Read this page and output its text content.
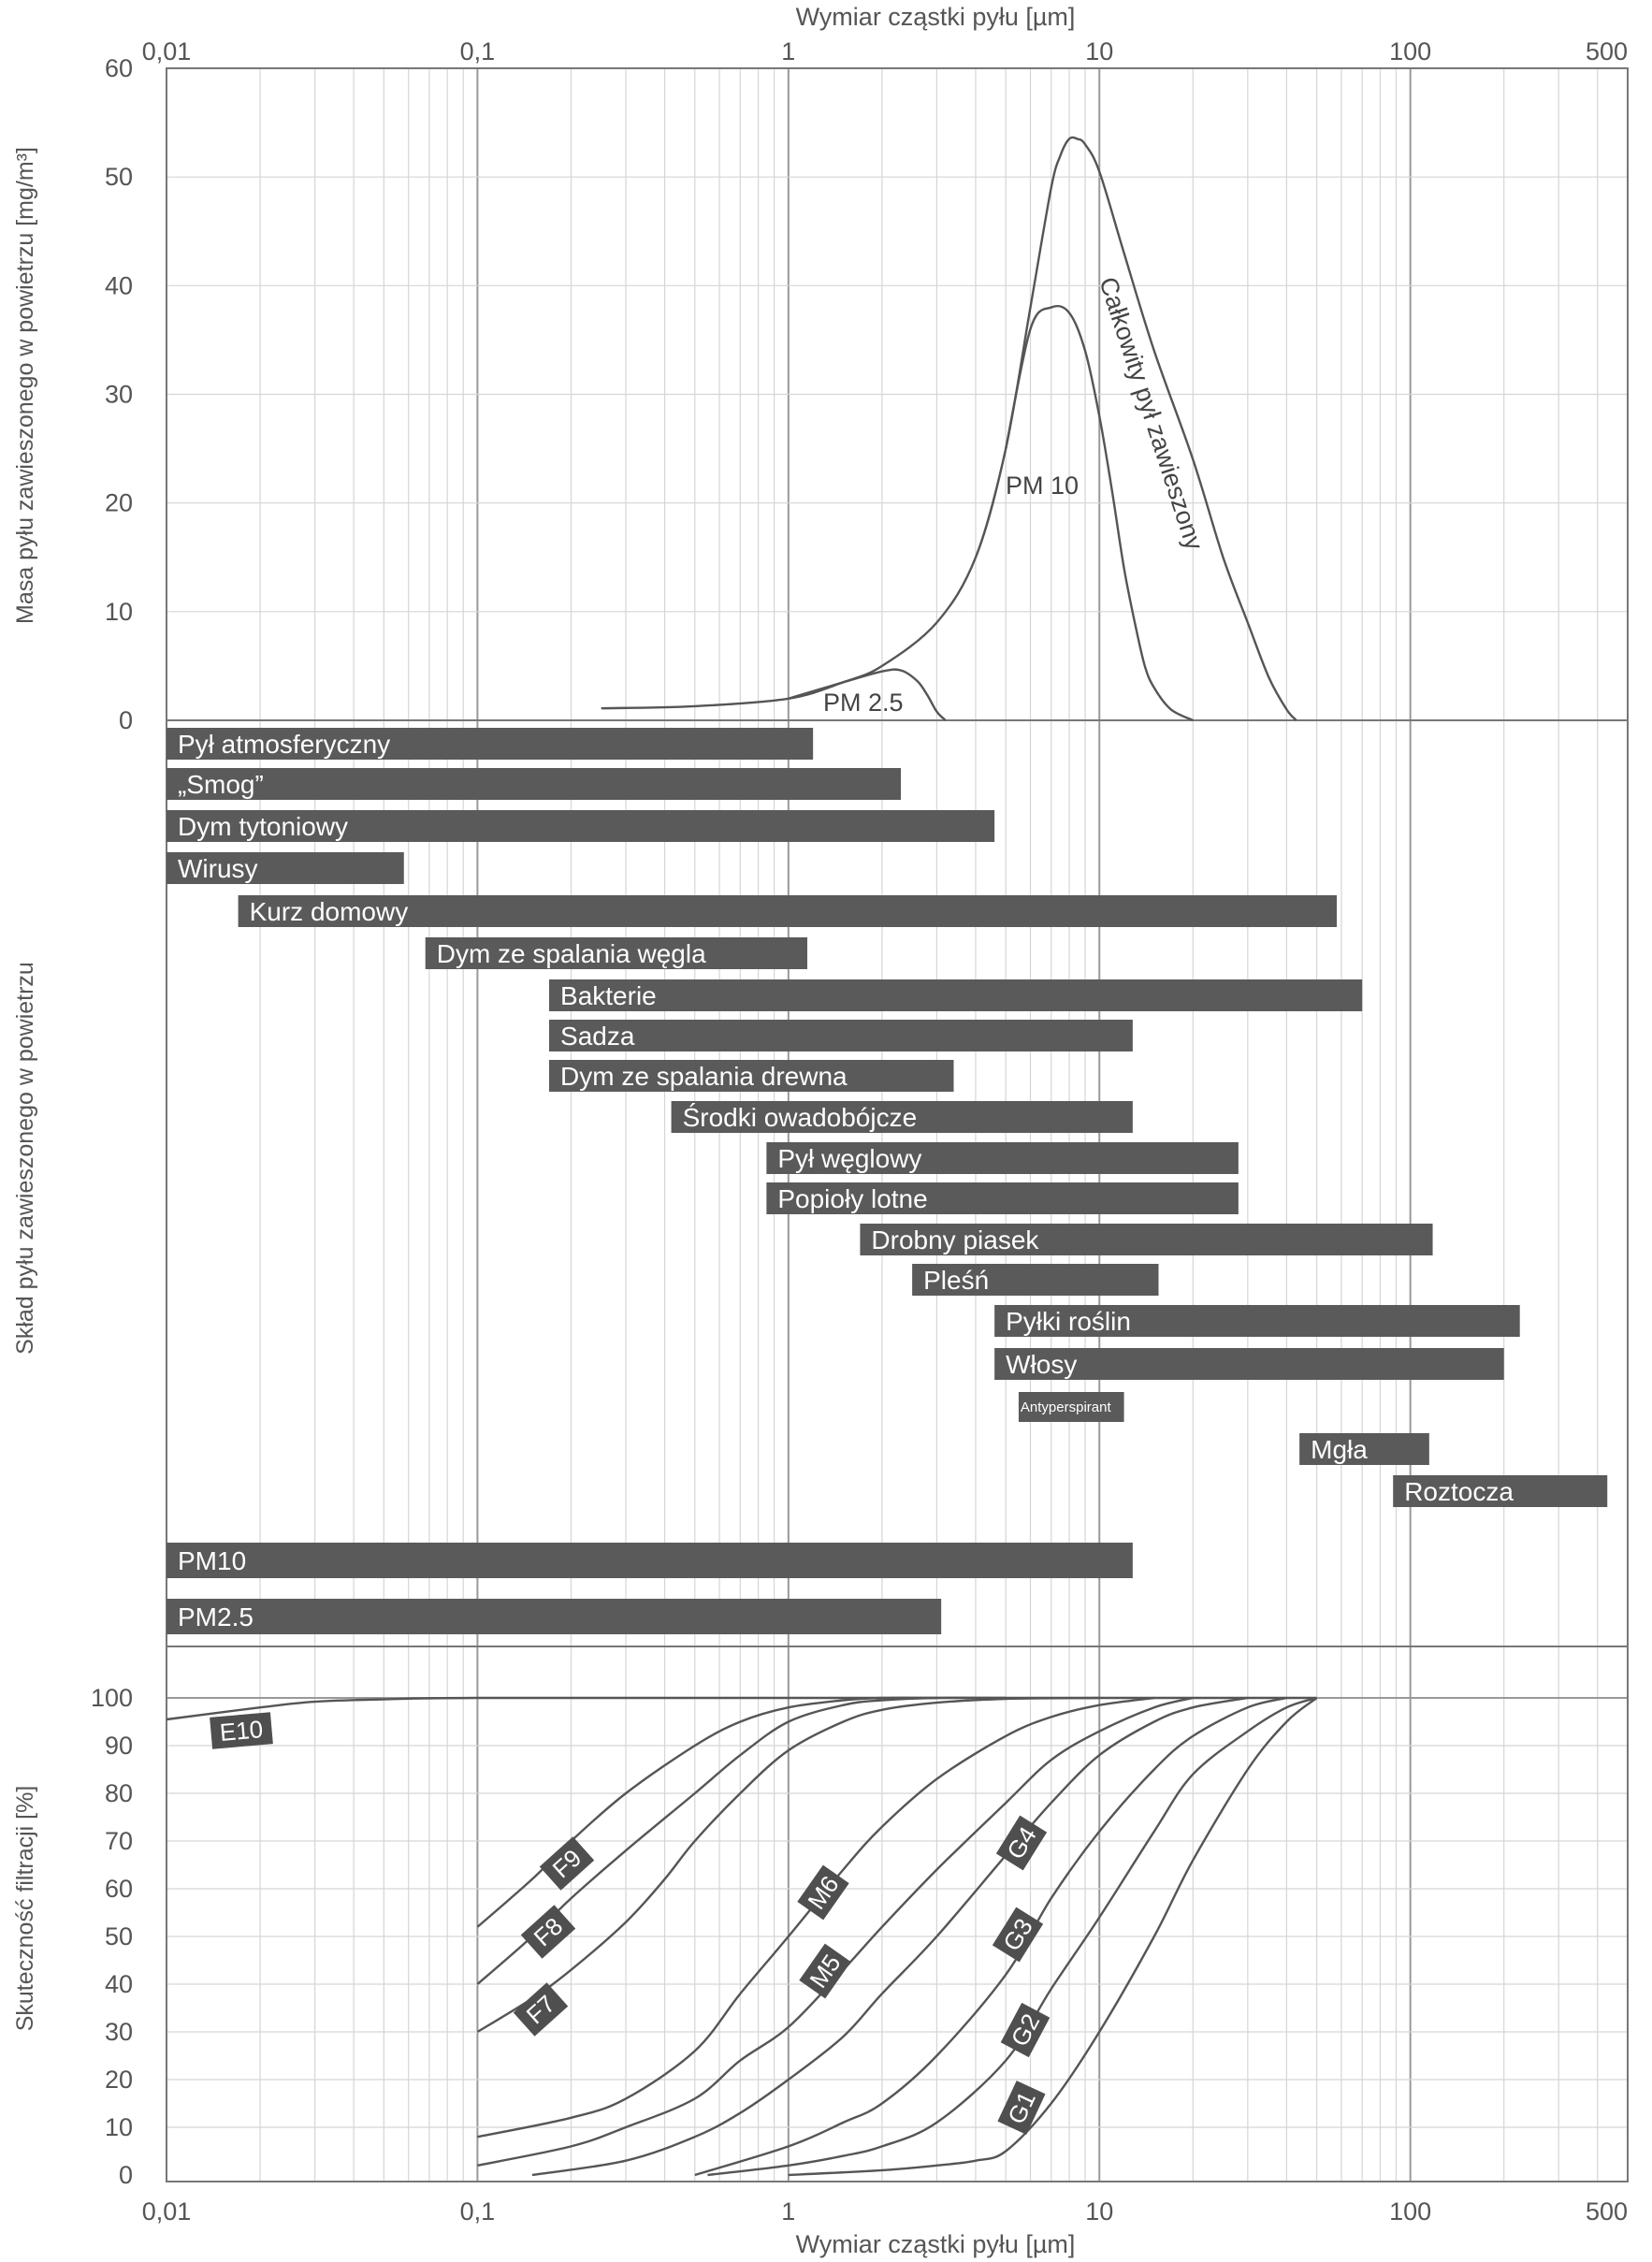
0,01	0,1	1	10	100	500
0,01	0,1	1	10	100	500
0
10
20
30
40
50
60
0
10
20
30
40
50
60
70
80
90
100
Wymiar cząstki pyłu [µm]
Wymiar cząstki pyłu [µm]
Masa pyłu zawieszonego w powietrzu [mg/m³]
Skład pyłu zawieszonego w powietrzu
Skuteczność filtracji [%]
Całkowity pył zawieszony
PM 10
PM 2.5
Pył atmosferyczny
„Smog”
Dym tytoniowy
Wirusy
Kurz domowy
Dym ze spalania węgla
Bakterie
Sadza
Dym ze spalania drewna
Środki owadobójcze
Pył węglowy
Popioły lotne
Drobny piasek
Pleśń
Pyłki roślin
Włosy
Antyperspirant
Mgła
Roztocza
PM10
PM2.5
E10
F9
F8
F7
M6
M5
G4
G3
G2
G1
